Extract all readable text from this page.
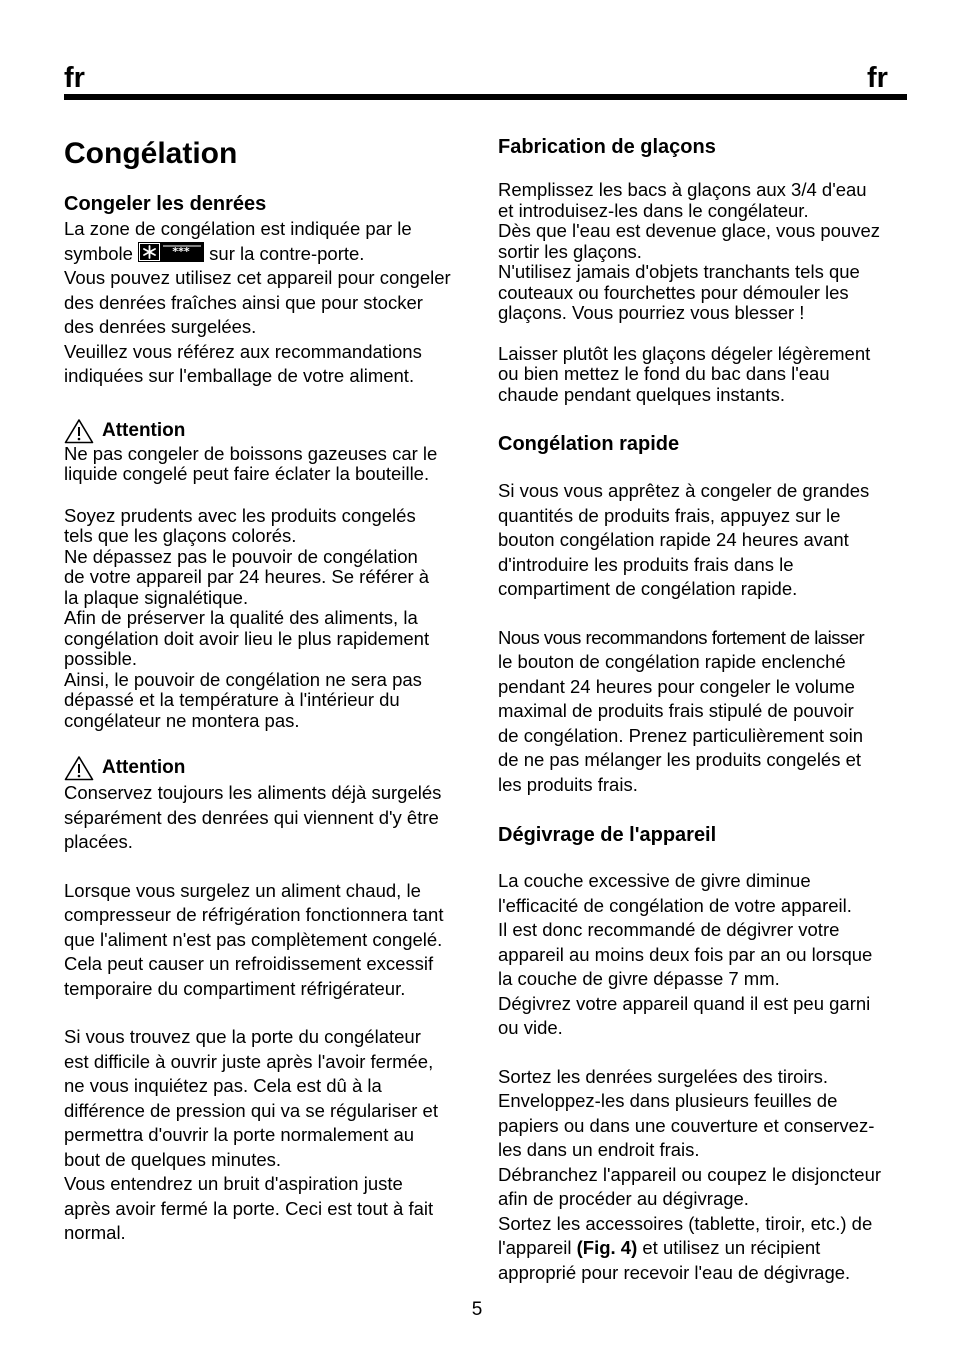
fr	fr
Congélation
Congeler les denrées

La zone de congélation est indiquée par le
symbole	*** sur la contre-porte.
Vous pouvez utilisez cet appareil pour congeler
des denrées fraîches ainsi que pour stocker
des denrées surgelées.
Veuillez vous référez aux recommandations
indiquées sur l'emballage de votre aliment.

Attention

Ne pas congeler de boissons gazeuses car le
liquide congelé peut faire éclater la bouteille.

Soyez prudents avec les produits congelés
tels que les glaçons colorés.
Ne dépassez pas le pouvoir de congélation
de votre appareil par 24 heures. Se référer à
la plaque signalétique.
Afin de préserver la qualité des aliments, la
congélation doit avoir lieu le plus rapidement
possible.
Ainsi, le pouvoir de congélation ne sera pas
dépassé et la température à l'intérieur du
congélateur ne montera pas.

Attention

Conservez toujours les aliments déjà surgelés
séparément des denrées qui viennent d'y être
placées.

Lorsque vous surgelez un aliment chaud, le
compresseur de réfrigération fonctionnera tant
que l'aliment n'est pas complètement congelé.
Cela peut causer un refroidissement excessif
temporaire du compartiment réfrigérateur.

Si vous trouvez que la porte du congélateur
est difficile à ouvrir juste après l'avoir fermée,
ne vous inquiétez pas. Cela est dû à la
différence de pression qui va se régulariser et
permettra d'ouvrir la porte normalement au
bout de quelques minutes.
Vous entendrez un bruit d'aspiration juste
après avoir fermé la porte. Ceci est tout à fait
normal.

Fabrication de glaçons

Remplissez les bacs à glaçons aux 3/4 d'eau
et introduisez-les dans le congélateur.
Dès que l'eau est devenue glace, vous pouvez
sortir les glaçons.
N'utilisez jamais d'objets tranchants tels que
couteaux ou fourchettes pour démouler les
glaçons. Vous pourriez vous blesser !

Laisser plutôt les glaçons dégeler légèrement
ou bien mettez le fond du bac dans l'eau
chaude pendant quelques instants.

Congélation rapide

Si vous vous apprêtez à congeler de grandes
quantités de produits frais, appuyez sur le
bouton congélation rapide 24 heures avant
d'introduire les produits frais dans le
compartiment de congélation rapide.

Nous vous recommandons fortement de laisser
le bouton de congélation rapide enclenché
pendant 24 heures pour congeler le volume
maximal de produits frais stipulé de pouvoir
de congélation. Prenez particulièrement soin
de ne pas mélanger les produits congelés et
les produits frais.

Dégivrage de l'appareil

La couche excessive de givre diminue
l'efficacité de congélation de votre appareil.
Il est donc recommandé de dégivrer votre
appareil au moins deux fois par an ou lorsque
la couche de givre dépasse 7 mm.
Dégivrez votre appareil quand il est peu garni
ou vide.

Sortez les denrées surgelées des tiroirs.
Enveloppez-les dans plusieurs feuilles de
papiers ou dans une couverture et conservez-
les dans un endroit frais.
Débranchez l'appareil ou coupez le disjoncteur
afin de procéder au dégivrage.
Sortez les accessoires (tablette, tiroir, etc.) de
l'appareil (Fig. 4) et utilisez un récipient
approprié pour recevoir l'eau de dégivrage.

5
